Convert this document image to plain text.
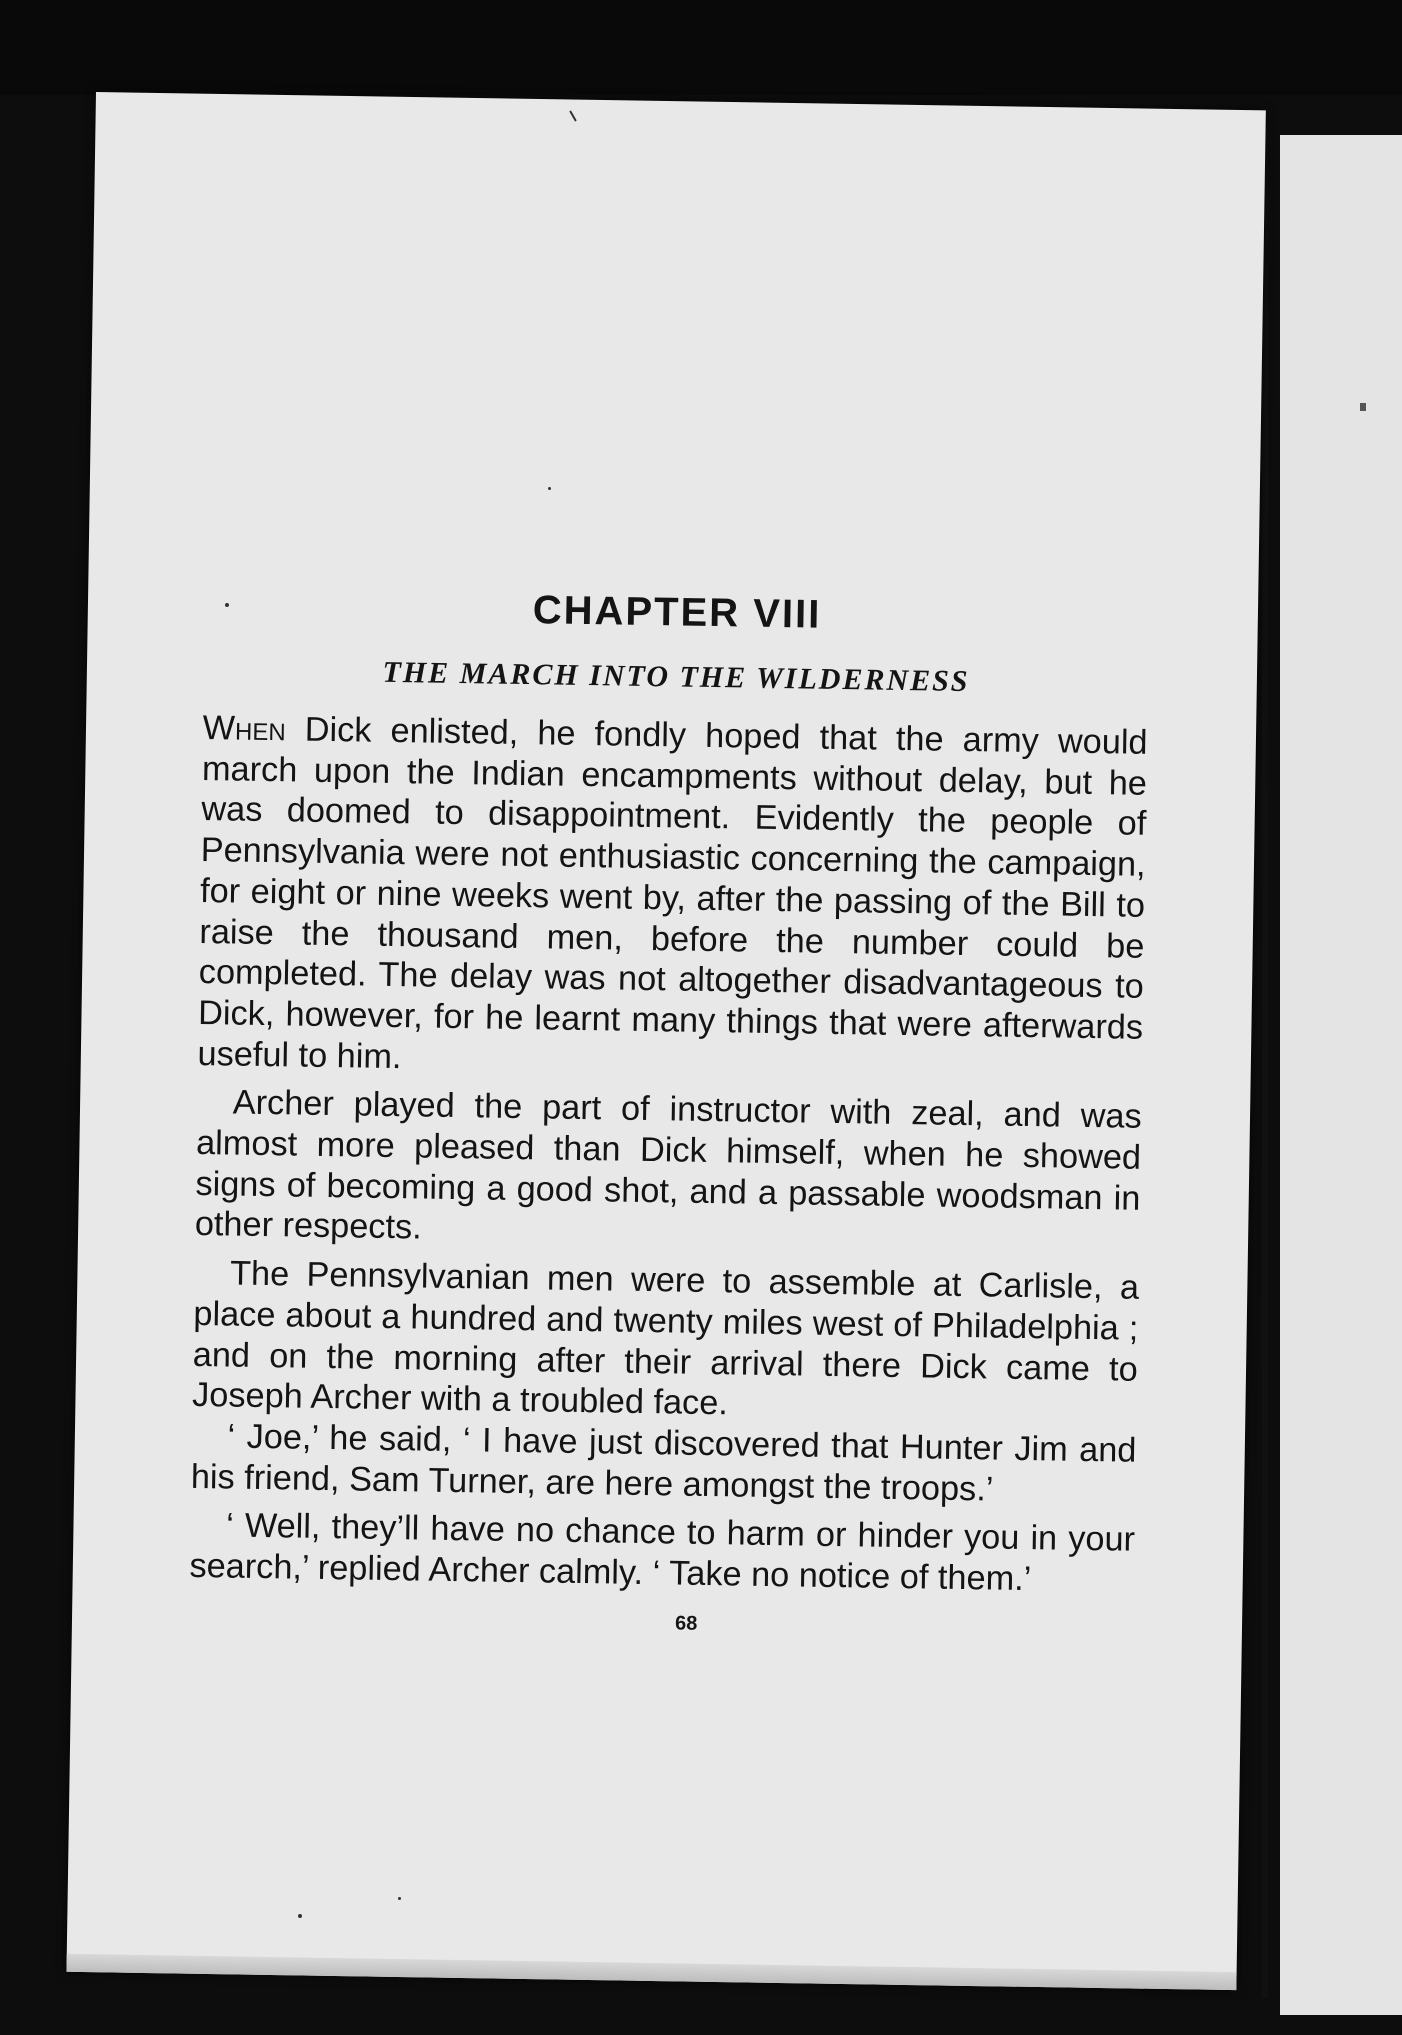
CHAPTER VIII
THE MARCH INTO THE WILDERNESS

When Dick enlisted, he fondly hoped that the army would march upon the Indian encampments without delay, but he was doomed to disappointment. Evidently the people of Pennsylvania were not enthusiastic concerning the campaign, for eight or nine weeks went by, after the passing of the Bill to raise the thousand men, before the number could be completed. The delay was not altogether disadvantageous to Dick, however, for he learnt many things that were afterwards useful to him.

Archer played the part of instructor with zeal, and was almost more pleased than Dick himself, when he showed signs of becoming a good shot, and a passable woodsman in other respects.

The Pennsylvanian men were to assemble at Carlisle, a place about a hundred and twenty miles west of Philadelphia ; and on the morning after their arrival there Dick came to Joseph Archer with a troubled face.

‘ Joe,’ he said, ‘ I have just discovered that Hunter Jim and his friend, Sam Turner, are here amongst the troops.’

‘ Well, they’ll have no chance to harm or hinder you in your search,’ replied Archer calmly. ‘ Take no notice of them.’

68
